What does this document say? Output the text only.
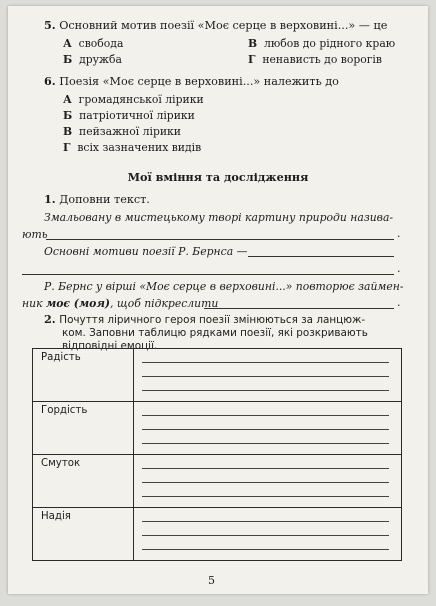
5. Основний мотив поезії «Моє серце в верховині...» — це
А свобода
Б дружба
В любов до рідного краю
Г ненависть до ворогів
6. Поезія «Моє серце в верховині...» належить до
А громадянської лірики
Б патріотичної лірики
В пейзажної лірики
Г всіх зазначених видів
Мої вміння та дослідження
1. Доповни текст.
Змальовану в мистецькому творі картину природи назива-
ють	.
Основні мотиви поезії Р. Бернса —
.
Р. Бернс у вірші «Моє серце в верховині...» повторює займен-
ник моє (моя), щоб підкреслити	.
2. Почуття ліричного героя поезії змінюються за ланцюж-
ком. Заповни таблицю рядками поезії, які розкривають
відповідні емоції.
Радість	

Гордість	

Смуток	

Надія	
5
